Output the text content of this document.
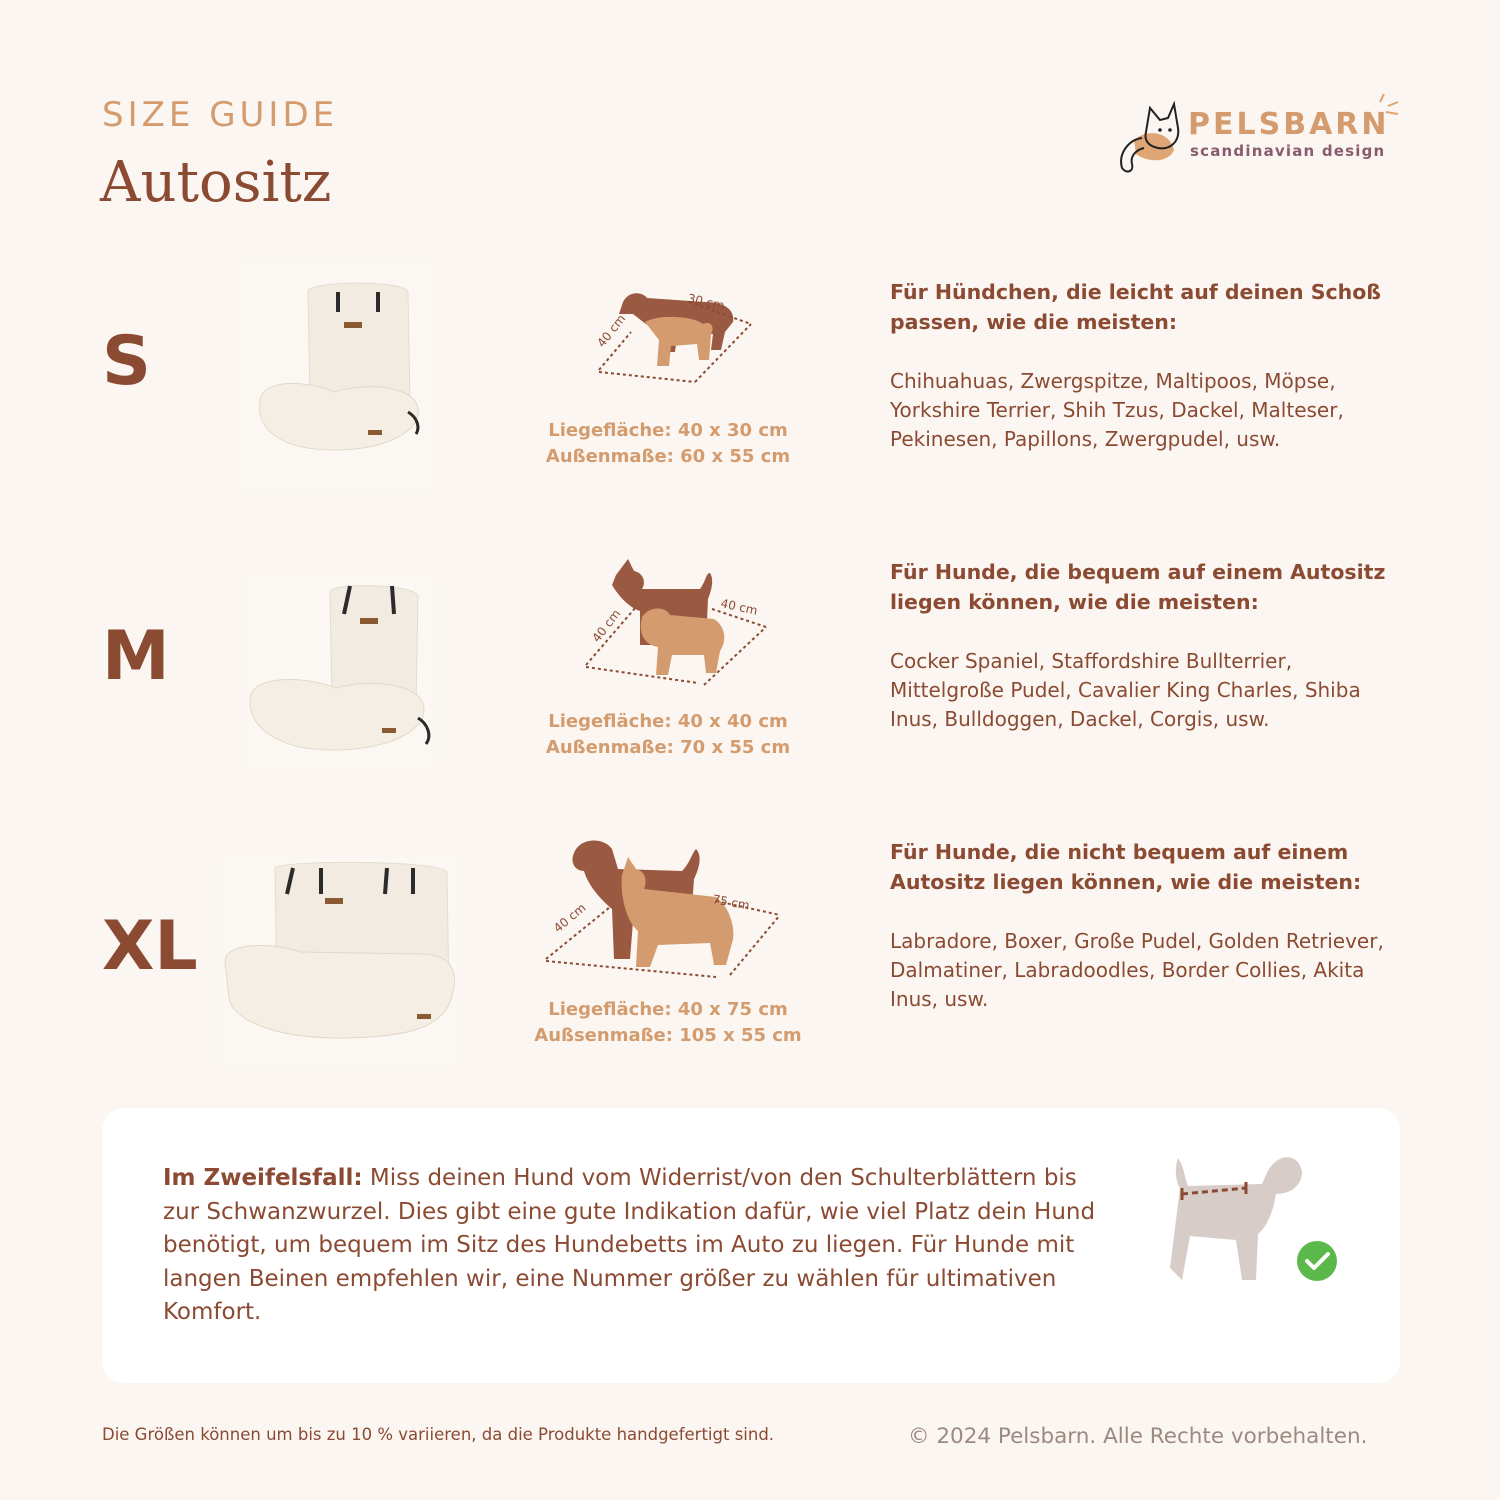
SIZE GUIDE
Autositz
PELSBARN
scandinavian design
S
30 cm
40 cm
Liegefläche: 40 x 30 cm
Außenmaße: 60 x 55 cm
Für Hündchen, die leicht auf deinen Schoß passen, wie die meisten:
Chihuahuas, Zwergspitze, Maltipoos, Möpse, Yorkshire Terrier, Shih Tzus, Dackel, Malteser, Pekinesen, Papillons, Zwergpudel, usw.
M
40 cm
40 cm
Liegefläche: 40 x 40 cm
Außenmaße: 70 x 55 cm
Für Hunde, die bequem auf einem Autositz liegen können, wie die meisten:
Cocker Spaniel, Staffordshire Bullterrier, Mittelgroße Pudel, Cavalier King Charles, Shiba Inus, Bulldoggen, Dackel, Corgis, usw.
XL
75 cm
40 cm
Liegefläche: 40 x 75 cm
Außsenmaße: 105 x 55 cm
Für Hunde, die nicht bequem auf einem Autositz liegen können, wie die meisten:
Labradore, Boxer, Große Pudel, Golden Retriever, Dalmatiner, Labradoodles, Border Collies, Akita Inus, usw.
Im Zweifelsfall: Miss deinen Hund vom Widerrist/von den Schulterblättern bis zur Schwanzwurzel. Dies gibt eine gute Indikation dafür, wie viel Platz dein Hund benötigt, um bequem im Sitz des Hundebetts im Auto zu liegen. Für Hunde mit langen Beinen empfehlen wir, eine Nummer größer zu wählen für ultimativen Komfort.
Die Größen können um bis zu 10 % variieren, da die Produkte handgefertigt sind.	© 2024 Pelsbarn. Alle Rechte vorbehalten.
